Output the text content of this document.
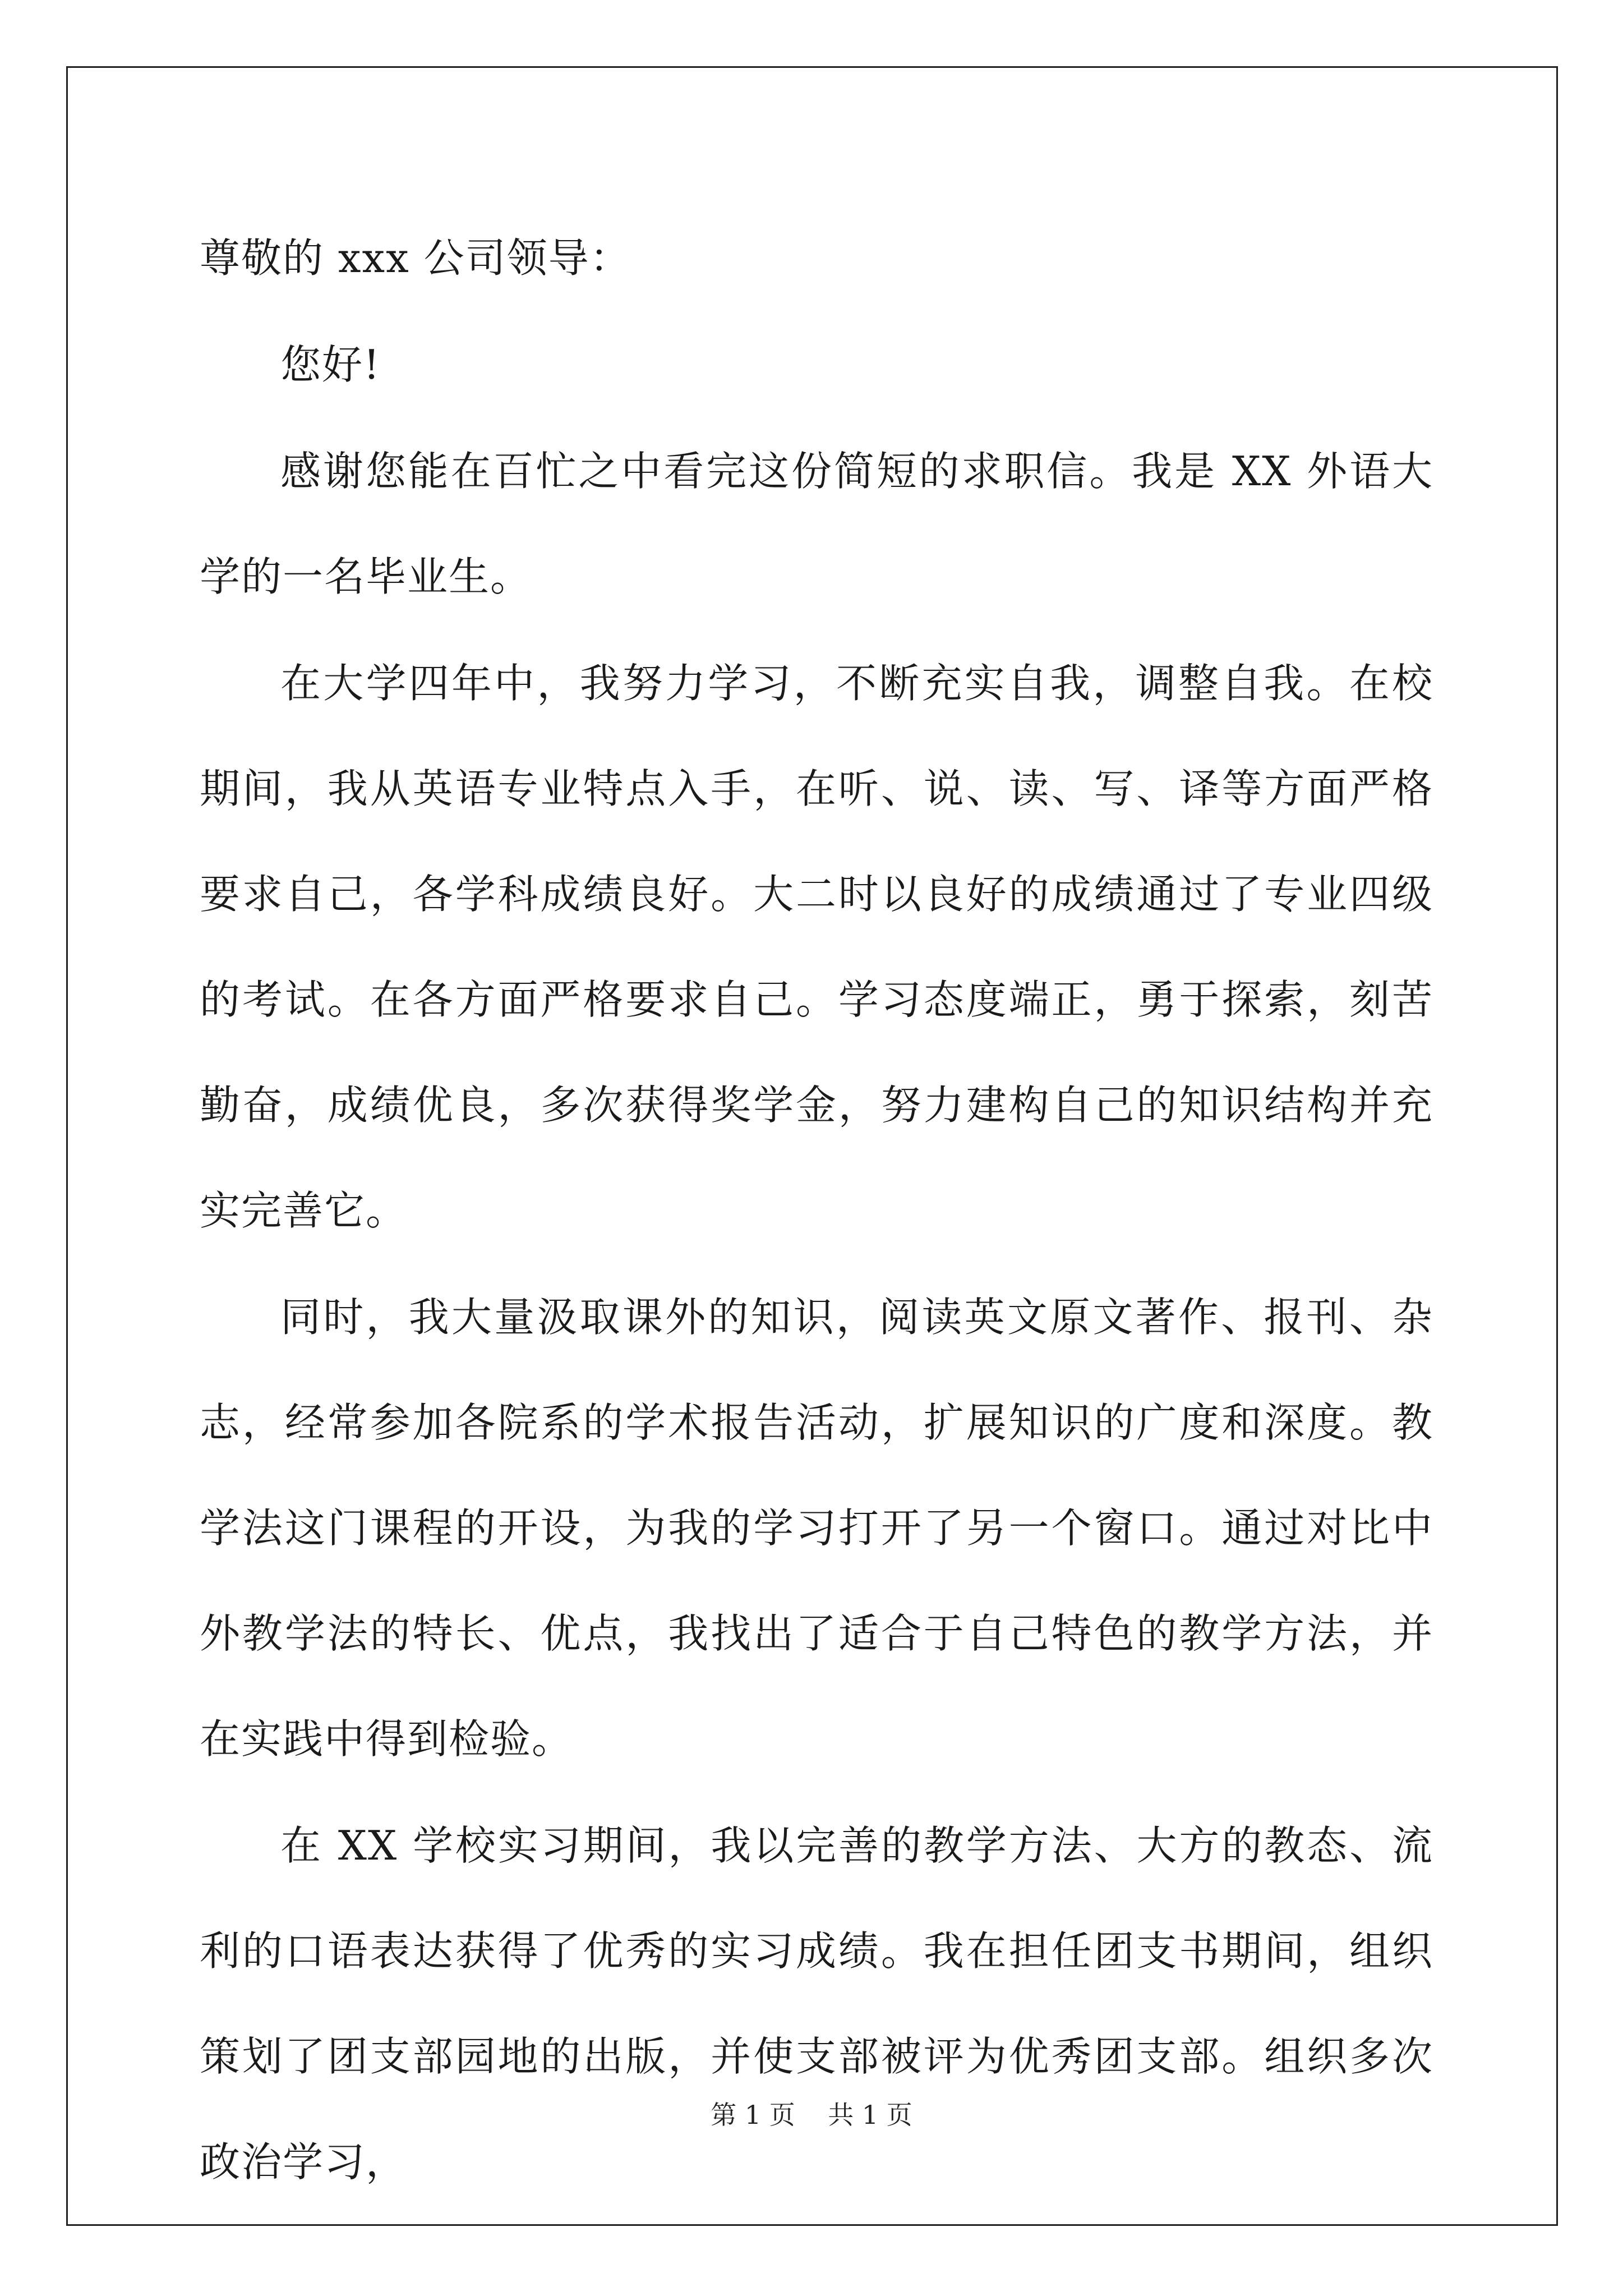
尊敬的 xxx 公司领导：

您好!

感谢您能在百忙之中看完这份简短的求职信。我是 XX 外语大学的一名毕业生。

在大学四年中，我努力学习，不断充实自我，调整自我。在校期间，我从英语专业特点入手，在听、说、读、写、译等方面严格要求自己，各学科成绩良好。大二时以良好的成绩通过了专业四级的考试。在各方面严格要求自己。学习态度端正，勇于探索，刻苦勤奋，成绩优良，多次获得奖学金，努力建构自己的知识结构并充实完善它。

同时，我大量汲取课外的知识，阅读英文原文著作、报刊、杂志，经常参加各院系的学术报告活动，扩展知识的广度和深度。教学法这门课程的开设，为我的学习打开了另一个窗口。通过对比中外教学法的特长、优点，我找出了适合于自己特色的教学方法，并在实践中得到检验。

在 XX 学校实习期间，我以完善的教学方法、大方的教态、流利的口语表达获得了优秀的实习成绩。我在担任团支书期间，组织策划了团支部园地的出版，并使支部被评为优秀团支部。组织多次政治学习，

第 1 页    共 1 页
